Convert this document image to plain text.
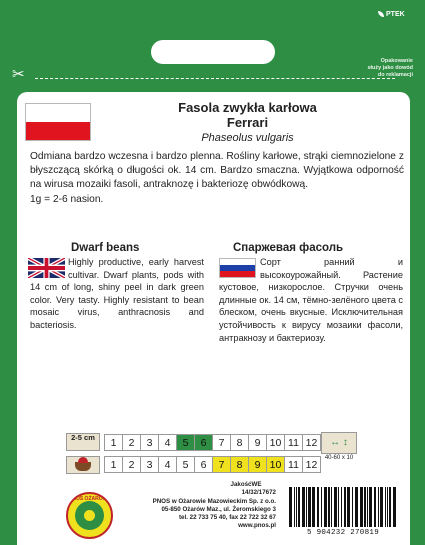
PTEK
Opakowanie
służy jako dowód
do reklamacji
✂
Fasola zwykła karłowa
Ferrari
Phaseolus vulgaris
Odmiana bardzo wczesna i bardzo plenna. Rośliny karłowe, strąki ciemnozielone z błyszczącą skórką o długości ok. 14 cm. Bardzo smaczna. Wyjątkowa odporność na wirusa mozaiki fasoli, antraknozę i bakteriozę obwódkową.
1g = 2-6 nasion.
Dwarf beans	Спаржевая фасоль
Highly productive, early harvest cultivar. Dwarf plants, pods with 14 cm of long, shiny peel in dark green color. Very tasty. Highly resistant to bean mosaic virus, anthracnosis and bacteriosis.
Сорт ранний и высокоурожайный. Растение кустовое, низкорослое. Стручки очень длинные ок. 14 см, тёмно-зелёного цвета с блеском, очень вкусные. Исключительная устойчивость к вирусу мозаики фасоли, антракнозу и бактериозу.
2-5 cm	1	2	3	4	5	6	7	8	9	10	11	12
1	2	3	4	5	6	7	8	9	10	11	12
↔ ↕
40-60 x 10
PNOS OŻARÓW
JakośćWE
14/32/17672
PNOS w Ożarowie Mazowieckim Sp. z o.o.
05-850 Ożarów Maz., ul. Żeromskiego 3
tel. 22 733 75 40, fax 22 722 32 67
www.pnos.pl
5 904232 270819
